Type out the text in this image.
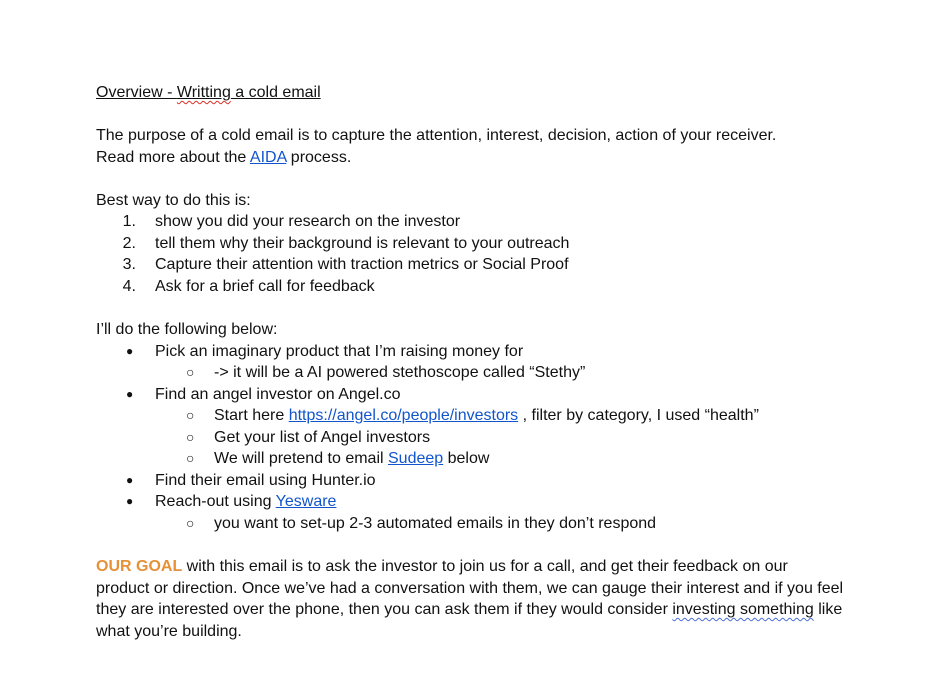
Overview - Writting a cold email
The purpose of a cold email is to capture the attention, interest, decision, action of your receiver.
Read more about the AIDA process.
Best way to do this is:
1. show you did your research on the investor
2. tell them why their background is relevant to your outreach
3. Capture their attention with traction metrics or Social Proof
4. Ask for a brief call for feedback
I’ll do the following below:
● Pick an imaginary product that I’m raising money for
○ -> it will be a AI powered stethoscope called “Stethy”
● Find an angel investor on Angel.co
○ Start here https://angel.co/people/investors , filter by category, I used “health”
○ Get your list of Angel investors
○ We will pretend to email Sudeep below
● Find their email using Hunter.io
● Reach-out using Yesware
○ you want to set-up 2-3 automated emails in they don’t respond
OUR GOAL with this email is to ask the investor to join us for a call, and get their feedback on our
product or direction. Once we’ve had a conversation with them, we can gauge their interest and if you feel
they are interested over the phone, then you can ask them if they would consider investing something like
what you’re building.
